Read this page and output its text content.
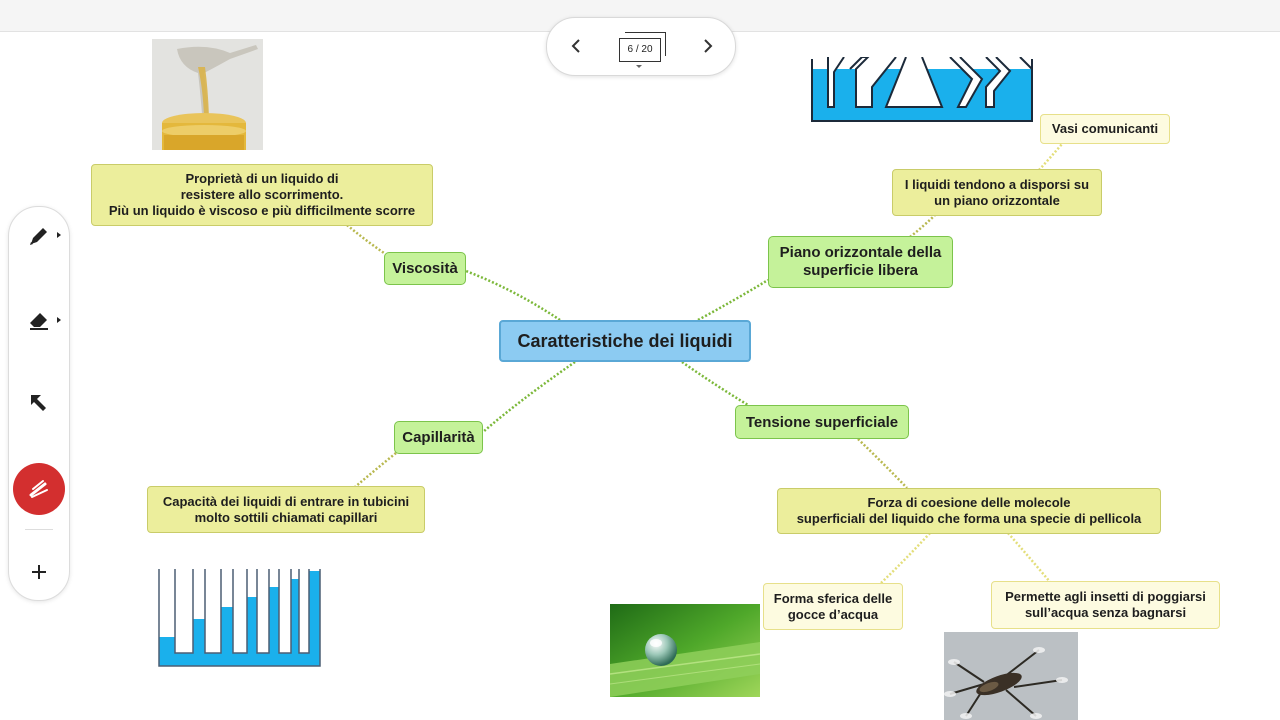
6 / 20
Caratteristiche dei liquidi
Viscosità
Proprietà di un liquido di
resistere allo scorrimento.
Più un liquido è viscoso e più difficilmente scorre
Piano orizzontale della
superficie libera
I liquidi tendono a disporsi su
un piano orizzontale
Vasi comunicanti
Capillarità
Capacità dei liquidi di entrare in tubicini
molto sottili chiamati capillari
Tensione superficiale
Forza di coesione delle molecole
superficiali del liquido che forma una specie di pellicola
Forma sferica delle
gocce d’acqua
Permette agli insetti di poggiarsi
sull’acqua senza bagnarsi
